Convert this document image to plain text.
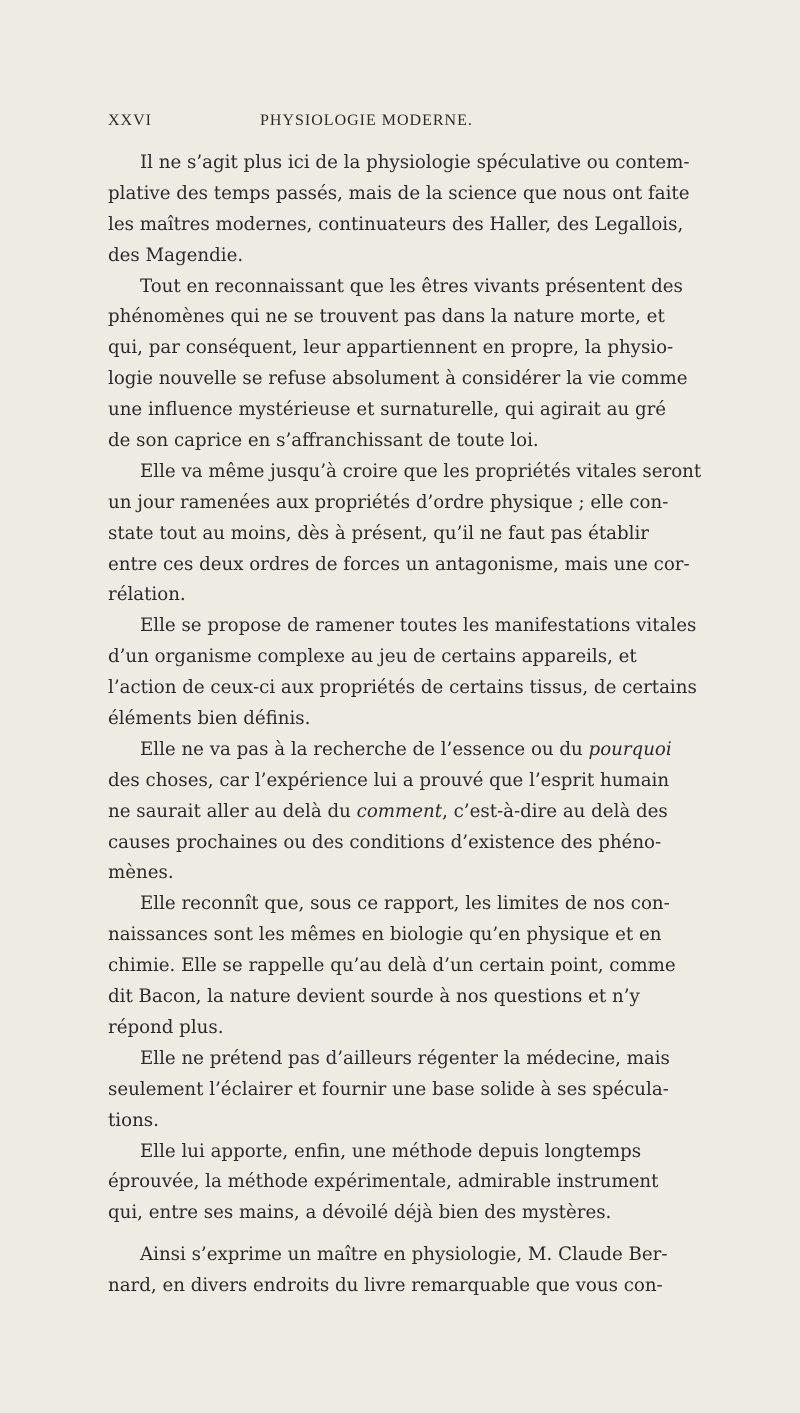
XXVI	PHYSIOLOGIE MODERNE.
Il ne s’agit plus ici de la physiologie spéculative ou contem-
plative des temps passés, mais de la science que nous ont faite
les maîtres modernes, continuateurs des Haller, des Legallois,
des Magendie.
Tout en reconnaissant que les êtres vivants présentent des
phénomènes qui ne se trouvent pas dans la nature morte, et
qui, par conséquent, leur appartiennent en propre, la physio-
logie nouvelle se refuse absolument à considérer la vie comme
une influence mystérieuse et surnaturelle, qui agirait au gré
de son caprice en s’affranchissant de toute loi.
Elle va même jusqu’à croire que les propriétés vitales seront
un jour ramenées aux propriétés d’ordre physique ; elle con-
state tout au moins, dès à présent, qu’il ne faut pas établir
entre ces deux ordres de forces un antagonisme, mais une cor-
rélation.
Elle se propose de ramener toutes les manifestations vitales
d’un organisme complexe au jeu de certains appareils, et
l’action de ceux-ci aux propriétés de certains tissus, de certains
éléments bien définis.
Elle ne va pas à la recherche de l’essence ou du pourquoi
des choses, car l’expérience lui a prouvé que l’esprit humain
ne saurait aller au delà du comment, c’est-à-dire au delà des
causes prochaines ou des conditions d’existence des phéno-
mènes.
Elle reconnît que, sous ce rapport, les limites de nos con-
naissances sont les mêmes en biologie qu’en physique et en
chimie. Elle se rappelle qu’au delà d’un certain point, comme
dit Bacon, la nature devient sourde à nos questions et n’y
répond plus.
Elle ne prétend pas d’ailleurs régenter la médecine, mais
seulement l’éclairer et fournir une base solide à ses spécula-
tions.
Elle lui apporte, enfin, une méthode depuis longtemps
éprouvée, la méthode expérimentale, admirable instrument
qui, entre ses mains, a dévoilé déjà bien des mystères.
Ainsi s’exprime un maître en physiologie, M. Claude Ber-
nard, en divers endroits du livre remarquable que vous con-
